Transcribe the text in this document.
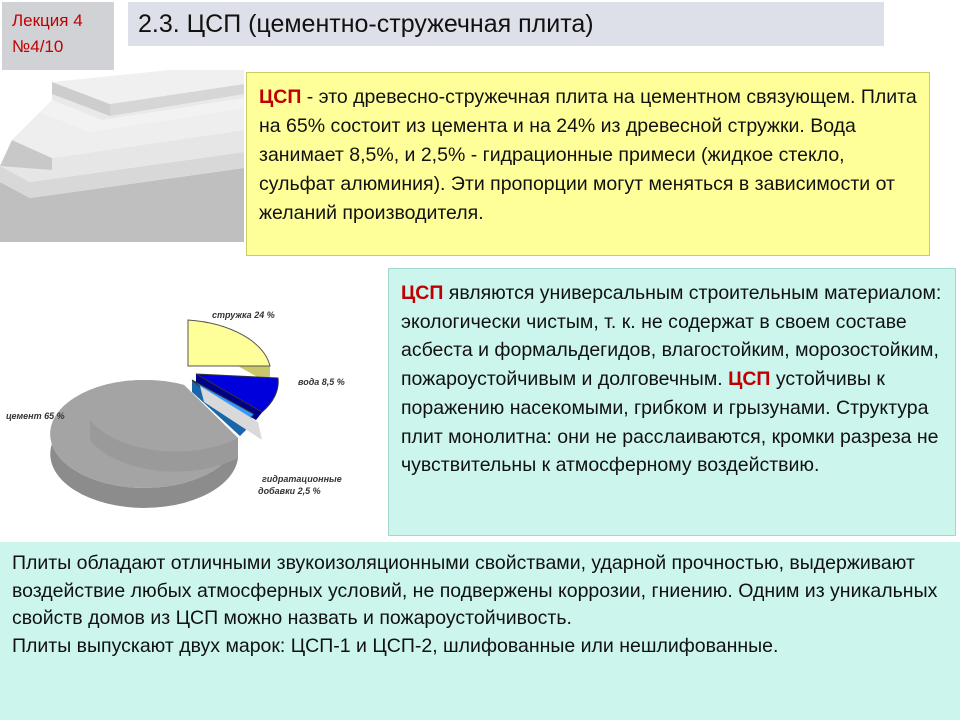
Лекция 4
№4/10
2.3. ЦСП (цементно-стружечная плита)
ЦСП - это древесно-стружечная плита на цементном связующем. Плита на 65% состоит из цемента и на 24% из древесной стружки. Вода занимает 8,5%, и 2,5% - гидрационные примеси (жидкое стекло, сульфат алюминия). Эти пропорции могут меняться в зависимости от желаний производителя.
стружка 24 %
вода 8,5 %
цемент 65 %
гидратационные
добавки 2,5 %
ЦСП являются универсальным строительным материалом: экологически чистым, т. к. не содержат в своем составе асбеста и формальдегидов, влагостойким, морозостойким, пожароустойчивым и долговечным. ЦСП устойчивы к поражению насекомыми, грибком и грызунами. Структура плит монолитна: они не расслаиваются, кромки разреза не чувствительны к атмосферному воздействию.
Плиты обладают отличными звукоизоляционными свойствами, ударной прочностью, выдерживают воздействие любых атмосферных условий, не подвержены коррозии, гниению. Одним из уникальных свойств домов из ЦСП можно назвать и пожароустойчивость.
Плиты выпускают двух марок: ЦСП-1 и ЦСП-2, шлифованные или нешлифованные.
